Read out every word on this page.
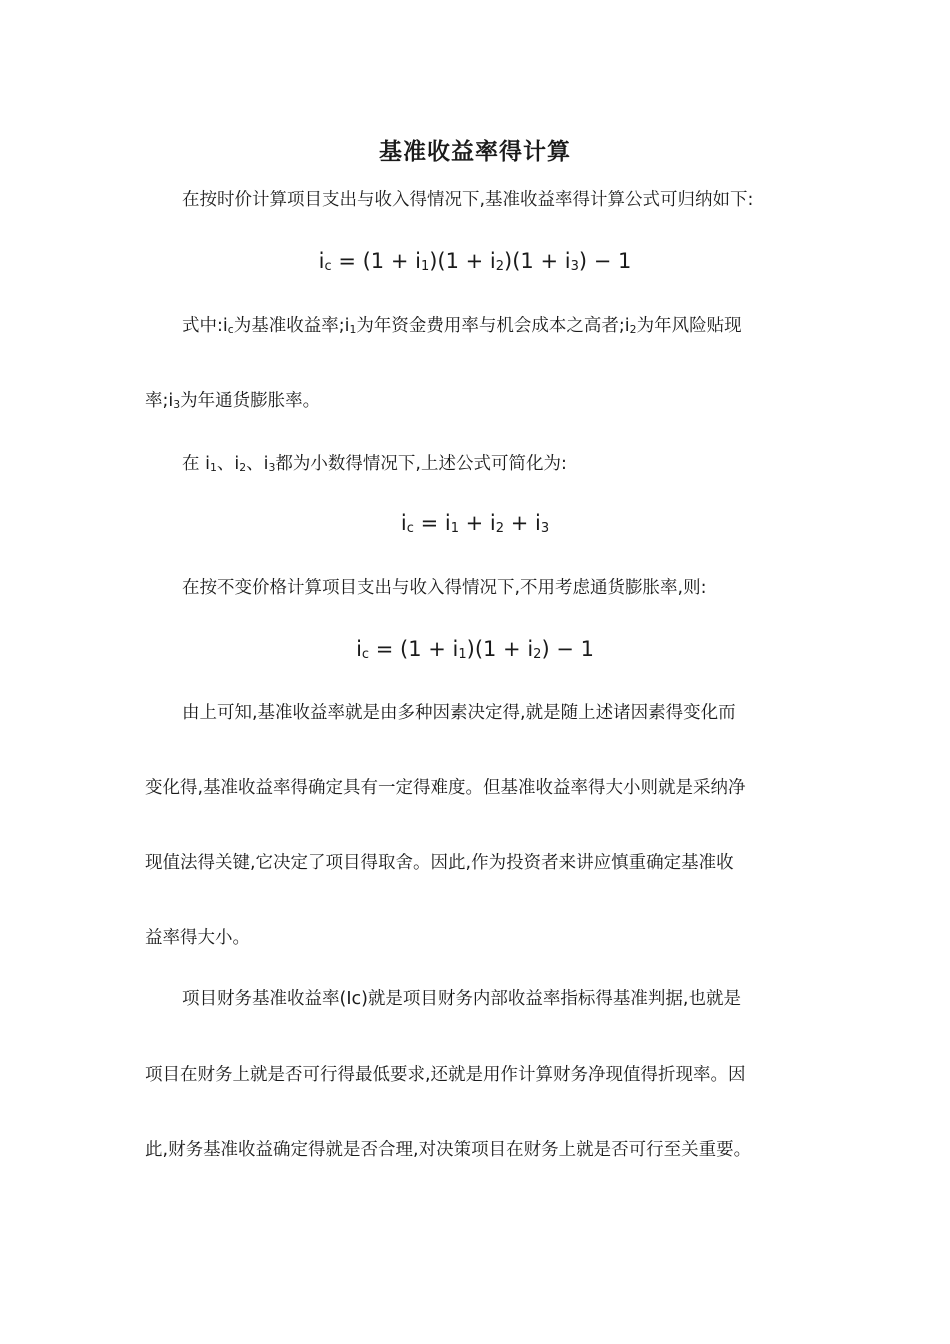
基准收益率得计算
在按时价计算项目支出与收入得情况下,基准收益率得计算公式可归纳如下:
ic = (1 + i1)(1 + i2)(1 + i3) − 1
式中:ic为基准收益率;i1为年资金费用率与机会成本之高者;i2为年风险贴现
率;i3为年通货膨胀率。
在 i1、i2、i3都为小数得情况下,上述公式可简化为:
ic = i1 + i2 + i3
在按不变价格计算项目支出与收入得情况下,不用考虑通货膨胀率,则:
ic = (1 + i1)(1 + i2) − 1
由上可知,基准收益率就是由多种因素决定得,就是随上述诸因素得变化而
变化得,基准收益率得确定具有一定得难度。但基准收益率得大小则就是采纳净
现值法得关键,它决定了项目得取舍。因此,作为投资者来讲应慎重确定基准收
益率得大小。
项目财务基准收益率(Ic)就是项目财务内部收益率指标得基准判据,也就是
项目在财务上就是否可行得最低要求,还就是用作计算财务净现值得折现率。因
此,财务基准收益确定得就是否合理,对决策项目在财务上就是否可行至关重要。
